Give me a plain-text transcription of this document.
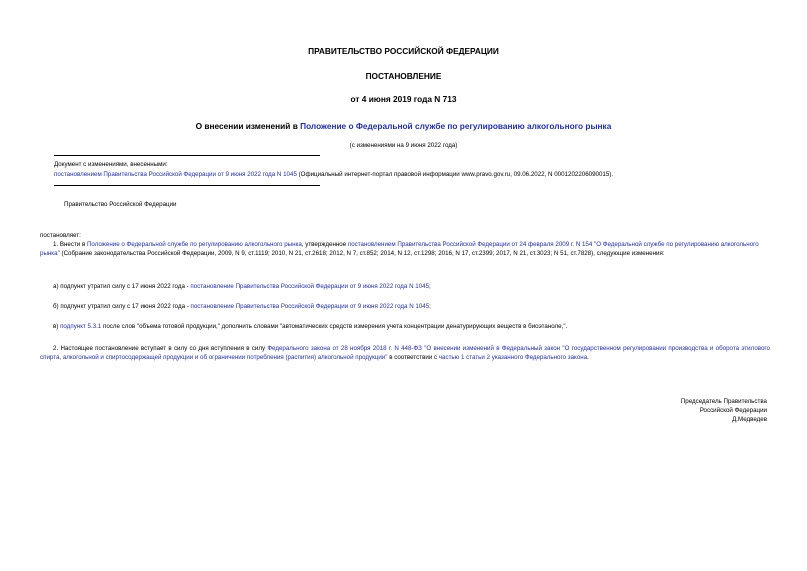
ПРАВИТЕЛЬСТВО РОССИЙСКОЙ ФЕДЕРАЦИИ
ПОСТАНОВЛЕНИЕ
от 4 июня 2019 года N 713
О внесении изменений в Положение о Федеральной службе по регулированию алкогольного рынка
(с изменениями на 9 июня 2022 года)
Документ с изменениями, внесенными:
постановлением Правительства Российской Федерации от 9 июня 2022 года N 1045 (Официальный интернет-портал правовой информации www.pravo.gov.ru, 09.06.2022, N 0001202206090015).
Правительство Российской Федерации
постановляет:
1. Внести в Положение о Федеральной службе по регулированию алкогольного рынка, утвержденное постановлением Правительства Российской Федерации от 24 февраля 2009 г. N 154 "О Федеральной службе по регулированию алкогольного рынка" (Собрание законодательства Российской Федерации, 2009, N 9, ст.1119; 2010, N 21, ст.2618; 2012, N 7, ст.852; 2014, N 12, ст.1298; 2016, N 17, ст.2399; 2017, N 21, ст.3023; N 51, ст.7828), следующие изменения:
а) подпункт утратил силу с 17 июня 2022 года - постановление Правительства Российской Федерации от 9 июня 2022 года N 1045;
б) подпункт утратил силу с 17 июня 2022 года - постановление Правительства Российской Федерации от 9 июня 2022 года N 1045;
в) подпункт 5.3.1 после слов "объема готовой продукции," дополнить словами "автоматических средств измерения учета концентрации денатурирующих веществ в биоэтаноле,".
2. Настоящее постановление вступает в силу со дня вступления в силу Федерального закона от 28 ноября 2018 г. N 448-ФЗ "О внесении изменений в Федеральный закон "О государственном регулировании производства и оборота этилового спирта, алкогольной и спиртосодержащей продукции и об ограничении потребления (распития) алкогольной продукции" в соответствии с частью 1 статьи 2 указанного Федерального закона.
Председатель Правительства
Российской Федерации
Д.Медведев
